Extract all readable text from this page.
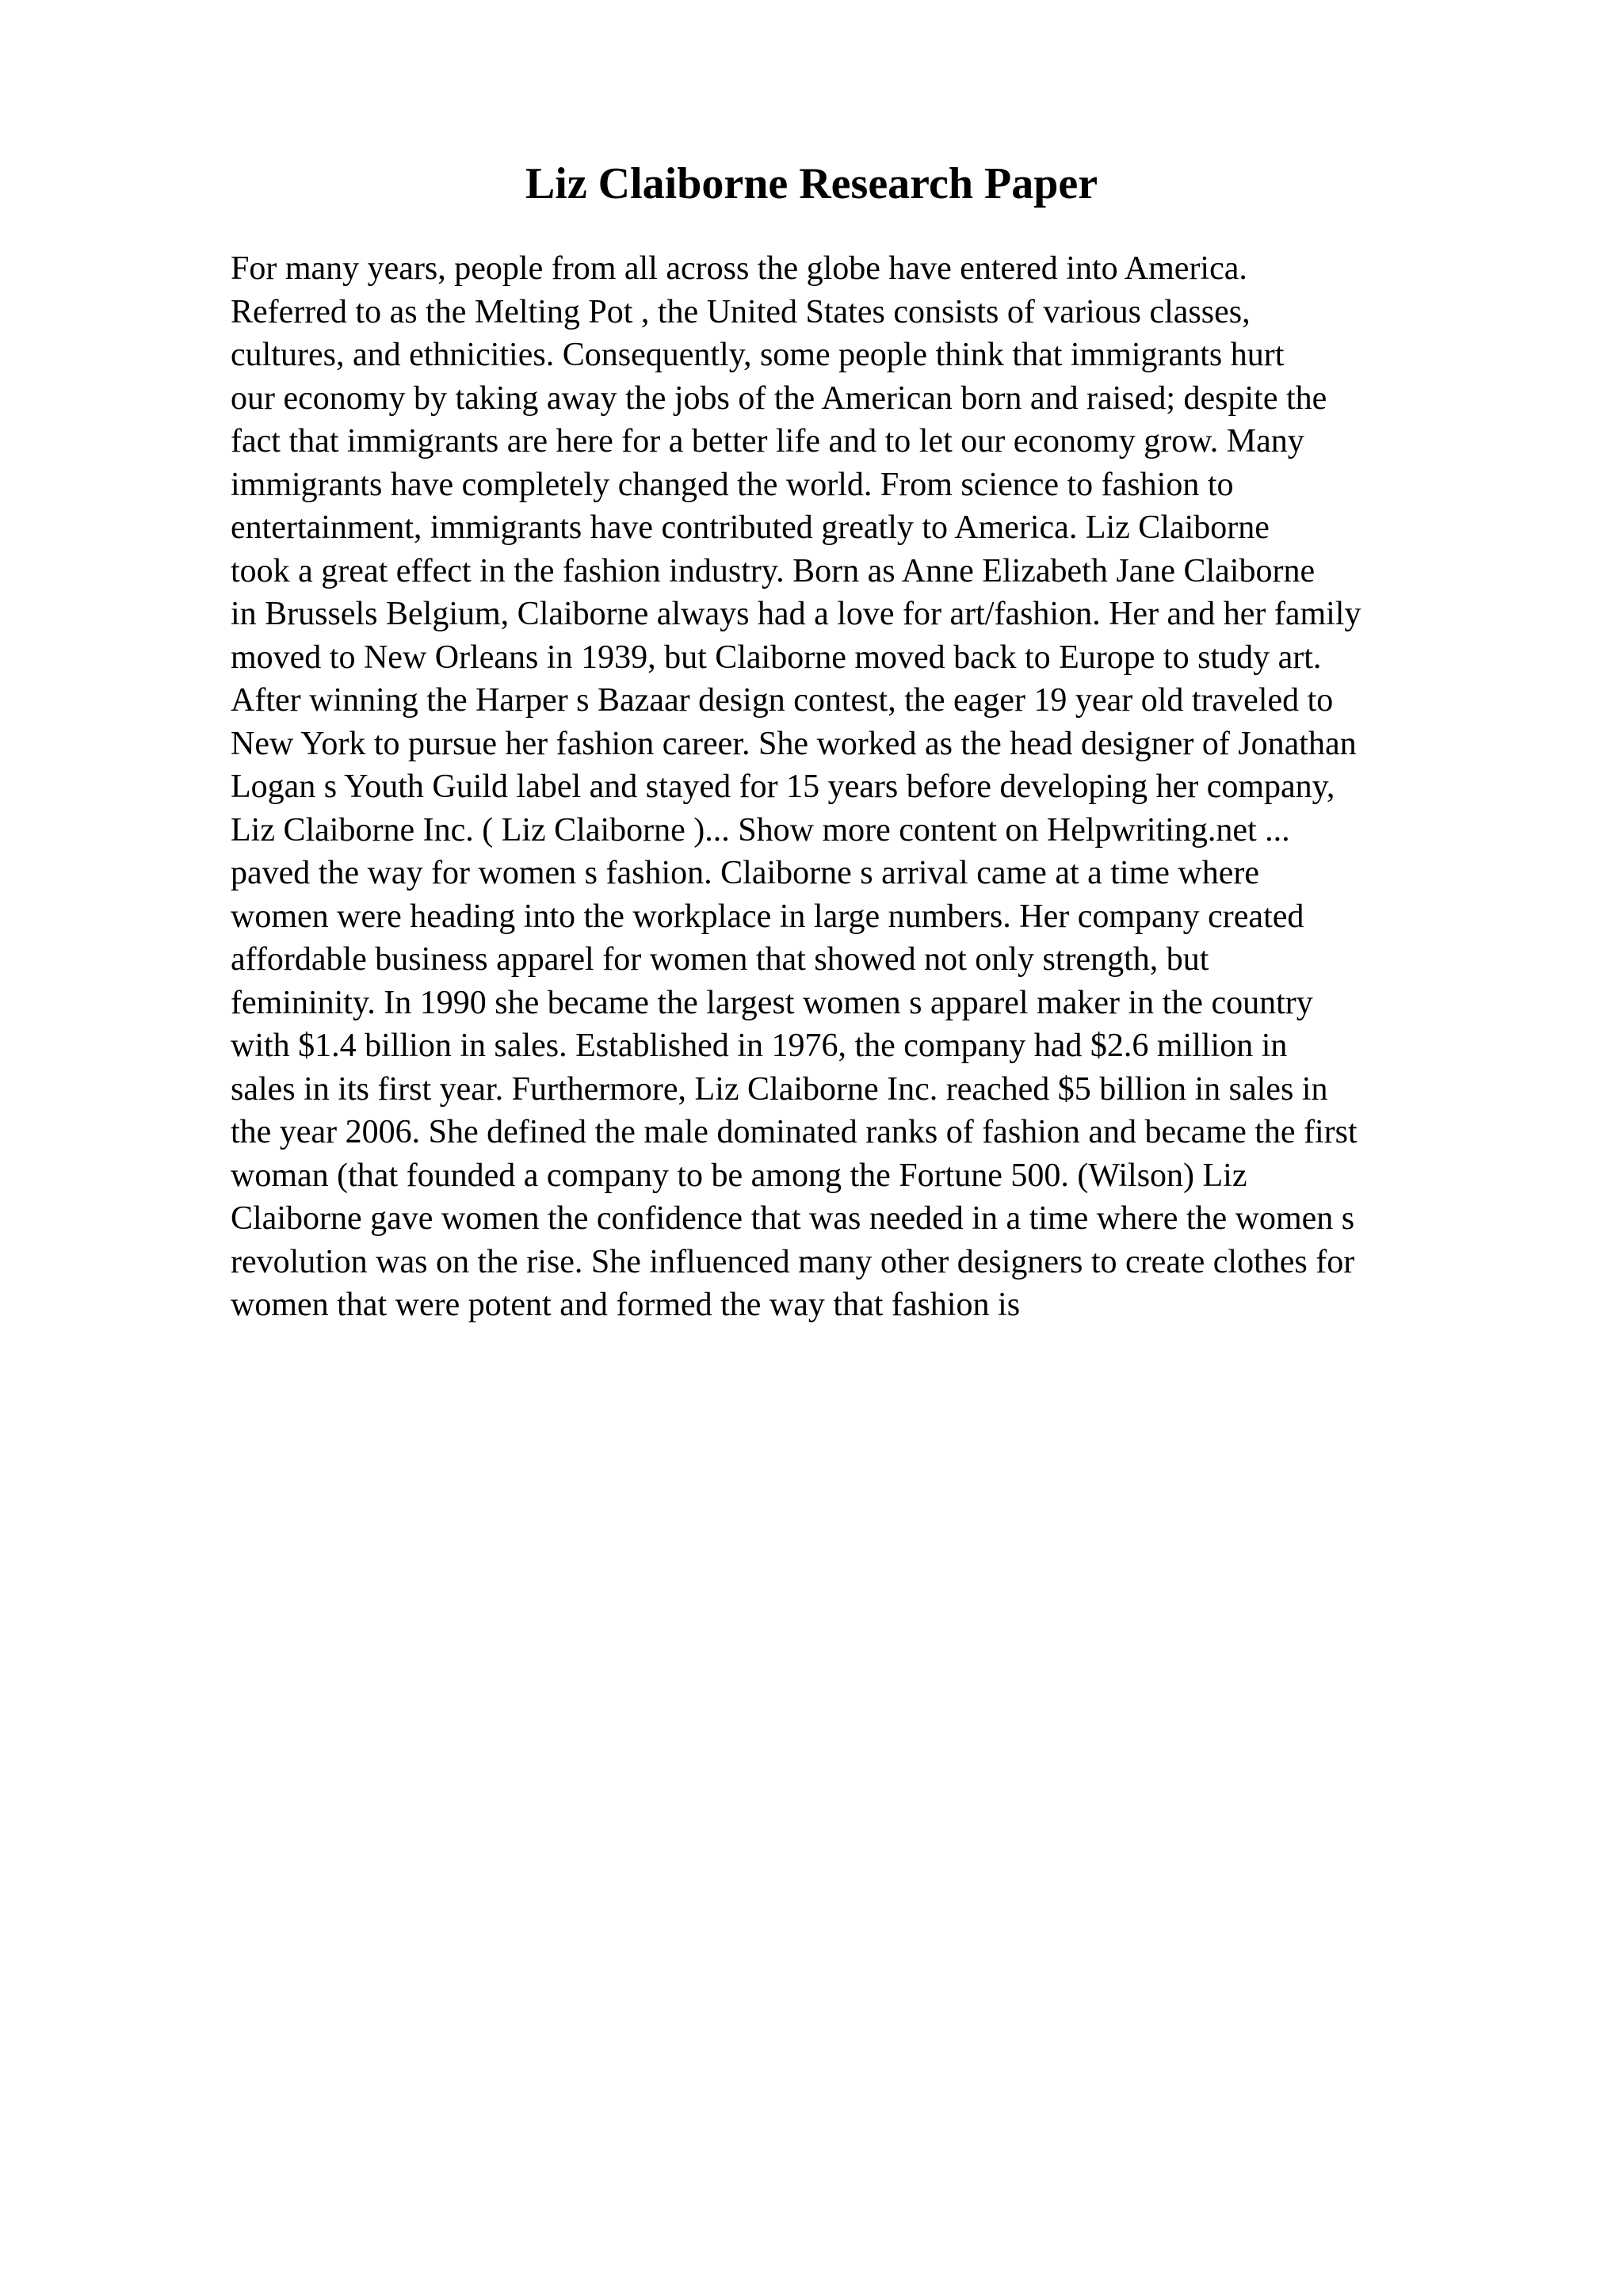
Liz Claiborne Research Paper
For many years, people from all across the globe have entered into America.
Referred to as the Melting Pot , the United States consists of various classes,
cultures, and ethnicities. Consequently, some people think that immigrants hurt
our economy by taking away the jobs of the American born and raised; despite the
fact that immigrants are here for a better life and to let our economy grow. Many
immigrants have completely changed the world. From science to fashion to
entertainment, immigrants have contributed greatly to America. Liz Claiborne
took a great effect in the fashion industry. Born as Anne Elizabeth Jane Claiborne
in Brussels Belgium, Claiborne always had a love for art/fashion. Her and her family
moved to New Orleans in 1939, but Claiborne moved back to Europe to study art.
After winning the Harper s Bazaar design contest, the eager 19 year old traveled to
New York to pursue her fashion career. She worked as the head designer of Jonathan
Logan s Youth Guild label and stayed for 15 years before developing her company,
Liz Claiborne Inc. ( Liz Claiborne )... Show more content on Helpwriting.net ...
paved the way for women s fashion. Claiborne s arrival came at a time where
women were heading into the workplace in large numbers. Her company created
affordable business apparel for women that showed not only strength, but
femininity. In 1990 she became the largest women s apparel maker in the country
with $1.4 billion in sales. Established in 1976, the company had $2.6 million in
sales in its first year. Furthermore, Liz Claiborne Inc. reached $5 billion in sales in
the year 2006. She defined the male dominated ranks of fashion and became the first
woman (that founded a company to be among the Fortune 500. (Wilson) Liz
Claiborne gave women the confidence that was needed in a time where the women s
revolution was on the rise. She influenced many other designers to create clothes for
women that were potent and formed the way that fashion is
